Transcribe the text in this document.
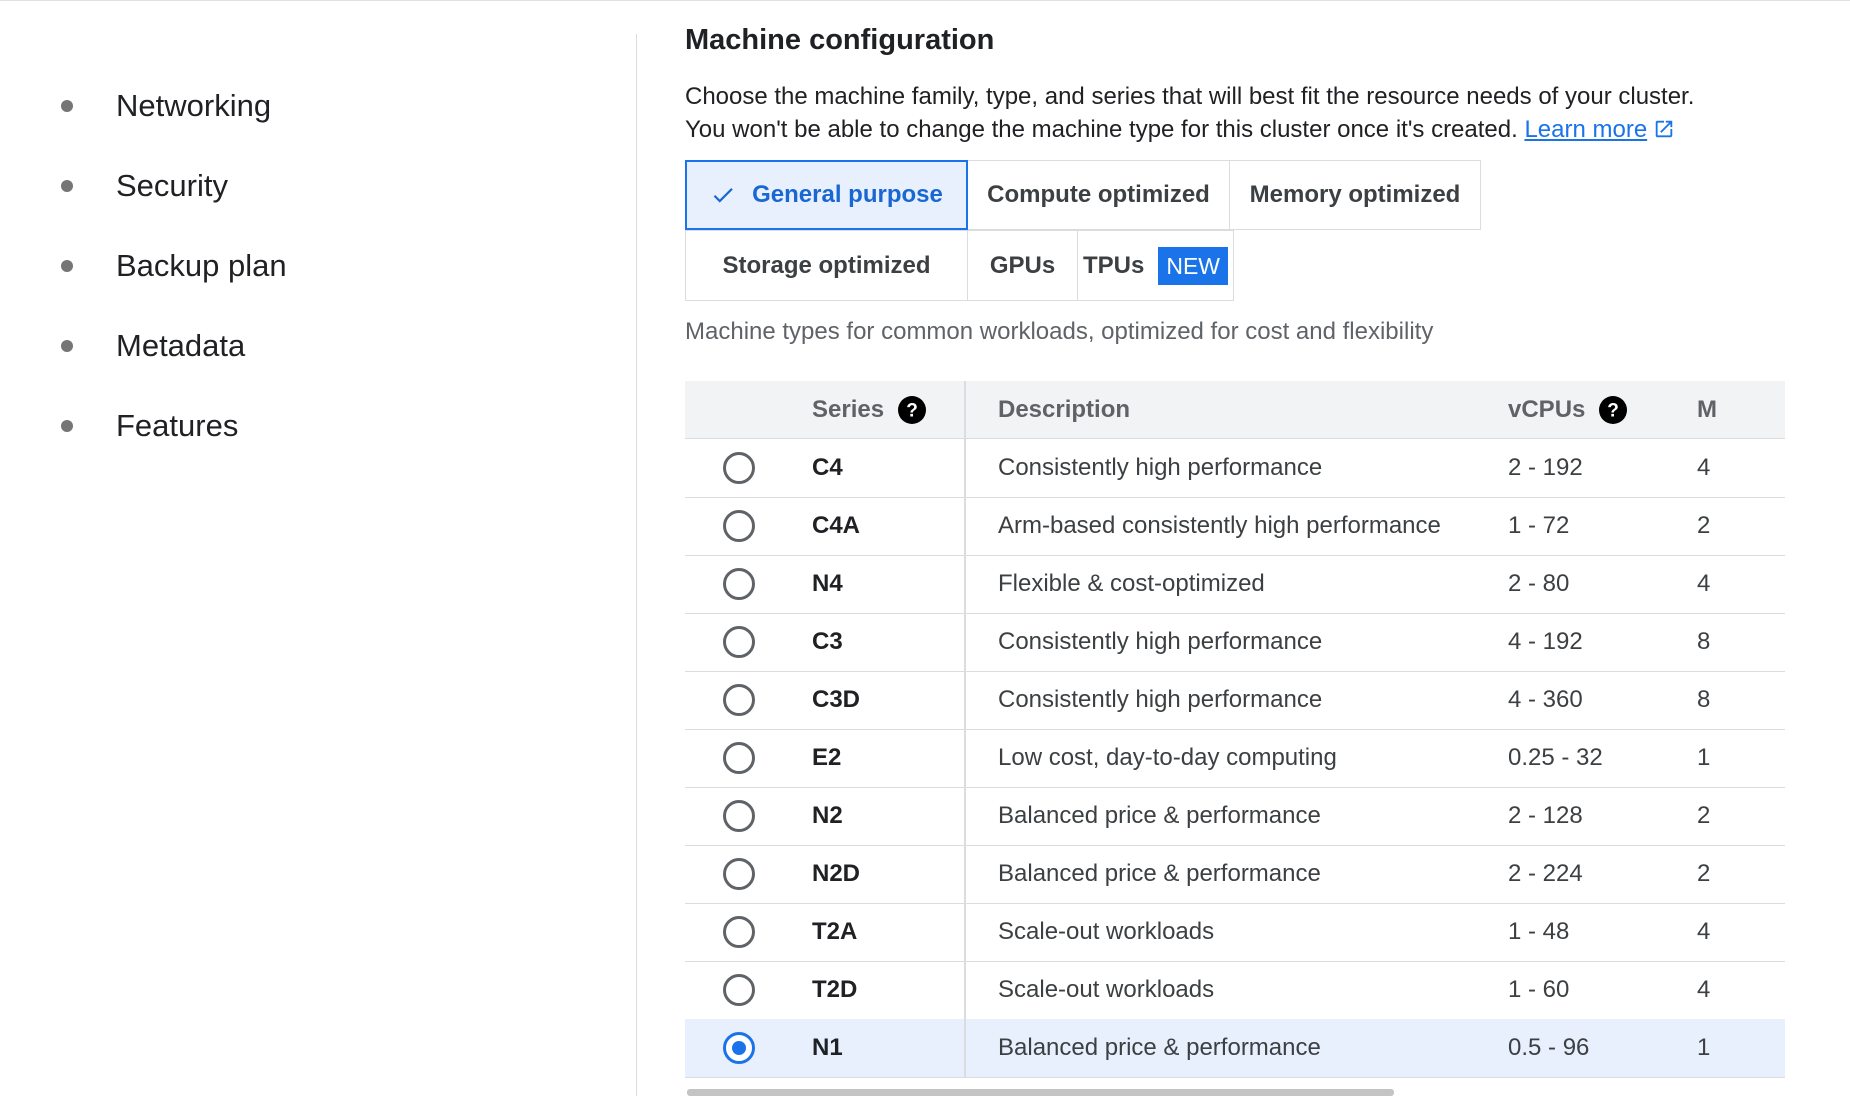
Networking
Security
Backup plan
Metadata
Features
Machine configuration
Choose the machine family, type, and series that will best fit the resource needs of your cluster.
You won't be able to change the machine type for this cluster once it's created. Learn more
General purpose Compute optimized Memory optimized
Storage optimized GPUs TPUs NEW
Machine types for common workloads, optimized for cost and flexibility
Series ?	Description	vCPUs ?	M
C4	Consistently high performance	2 - 192	4
C4A	Arm-based consistently high performance	1 - 72	2
N4	Flexible & cost-optimized	2 - 80	4
C3	Consistently high performance	4 - 192	8
C3D	Consistently high performance	4 - 360	8
E2	Low cost, day-to-day computing	0.25 - 32	1
N2	Balanced price & performance	2 - 128	2
N2D	Balanced price & performance	2 - 224	2
T2A	Scale-out workloads	1 - 48	4
T2D	Scale-out workloads	1 - 60	4
N1	Balanced price & performance	0.5 - 96	1
